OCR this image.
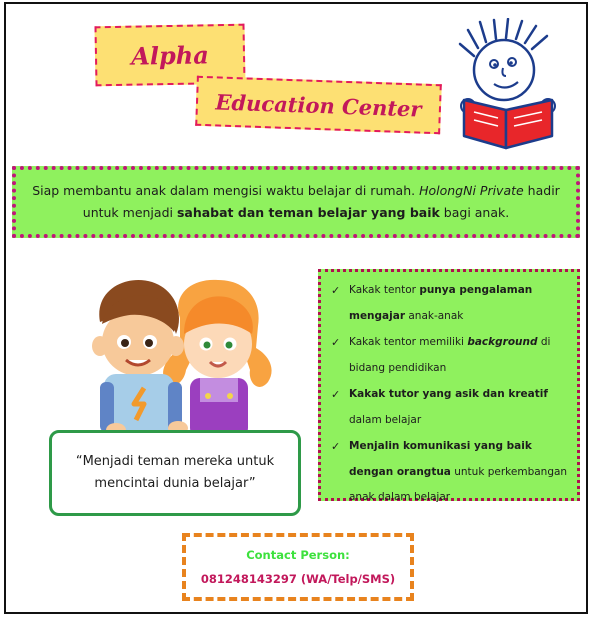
Alpha
Education Center

Siap membantu anak dalam mengisi waktu belajar di rumah. HolongNi Private hadir untuk menjadi sahabat dan teman belajar yang baik bagi anak.

“Menjadi teman mereka untuk mencintai dunia belajar”

✓ Kakak tentor punya pengalaman mengajar anak-anak
✓ Kakak tentor memiliki background di bidang pendidikan
✓ Kakak tutor yang asik dan kreatif dalam belajar
✓ Menjalin komunikasi yang baik dengan orangtua untuk perkembangan anak dalam belajar
Contact Person:
081248143297 (WA/Telp/SMS)
